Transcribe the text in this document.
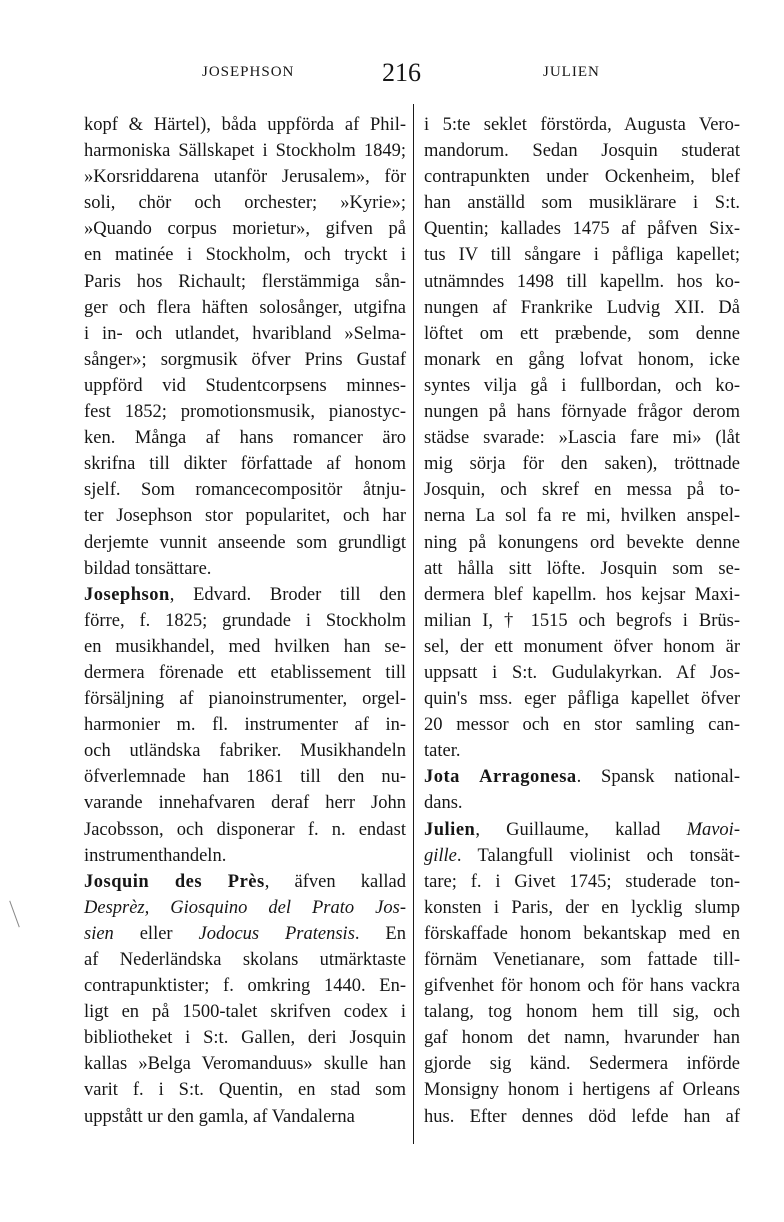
JOSEPHSON	216	JULIEN
kopf & Härtel), båda uppförda af Phil-
harmoniska Sällskapet i Stockholm 1849;
»Korsriddarena utanför Jerusalem», för
soli, chör och orchester; »Kyrie»;
»Quando corpus morietur», gifven på
en matinée i Stockholm, och tryckt i
Paris hos Richault; flerstämmiga sån-
ger och flera häften solosånger, utgifna
i in- och utlandet, hvaribland »Selma-
sånger»; sorgmusik öfver Prins Gustaf
uppförd vid Studentcorpsens minnes-
fest 1852; promotionsmusik, pianostyc-
ken. Många af hans romancer äro
skrifna till dikter författade af honom
sjelf. Som romancecompositör åtnju-
ter Josephson stor popularitet, och har
derjemte vunnit anseende som grundligt
bildad tonsättare.
Josephson, Edvard. Broder till den
förre, f. 1825; grundade i Stockholm
en musikhandel, med hvilken han se-
dermera förenade ett etablissement till
försäljning af pianoinstrumenter, orgel-
harmonier m. fl. instrumenter af in-
och utländska fabriker. Musikhandeln
öfverlemnade han 1861 till den nu-
varande innehafvaren deraf herr John
Jacobsson, och disponerar f. n. endast
instrumenthandeln.
Josquin des Près, äfven kallad
Desprèz, Giosquino del Prato Jos-
sien eller Jodocus Pratensis. En
af Nederländska skolans utmärktaste
contrapunktister; f. omkring 1440. En-
ligt en på 1500-talet skrifven codex i
bibliotheket i S:t. Gallen, deri Josquin
kallas »Belga Veromanduus» skulle han
varit f. i S:t. Quentin, en stad som
uppstått ur den gamla, af Vandalerna
i 5:te seklet förstörda, Augusta Vero-
mandorum. Sedan Josquin studerat
contrapunkten under Ockenheim, blef
han anställd som musiklärare i S:t.
Quentin; kallades 1475 af påfven Six-
tus IV till sångare i påfliga kapellet;
utnämndes 1498 till kapellm. hos ko-
nungen af Frankrike Ludvig XII. Då
löftet om ett præbende, som denne
monark en gång lofvat honom, icke
syntes vilja gå i fullbordan, och ko-
nungen på hans förnyade frågor derom
städse svarade: »Lascia fare mi» (låt
mig sörja för den saken), tröttnade
Josquin, och skref en messa på to-
nerna La sol fa re mi, hvilken anspel-
ning på konungens ord bevekte denne
att hålla sitt löfte. Josquin som se-
dermera blef kapellm. hos kejsar Maxi-
milian I, † 1515 och begrofs i Brüs-
sel, der ett monument öfver honom är
uppsatt i S:t. Gudulakyrkan. Af Jos-
quin's mss. eger påfliga kapellet öfver
20 messor och en stor samling can-
tater.
Jota Arragonesa. Spansk national-
dans.
Julien, Guillaume, kallad Mavoi-
gille. Talangfull violinist och tonsät-
tare; f. i Givet 1745; studerade ton-
konsten i Paris, der en lycklig slump
förskaffade honom bekantskap med en
förnäm Venetianare, som fattade till-
gifvenhet för honom och för hans vackra
talang, tog honom hem till sig, och
gaf honom det namn, hvarunder han
gjorde sig känd. Sedermera införde
Monsigny honom i hertigens af Orleans
hus. Efter dennes död lefde han af
